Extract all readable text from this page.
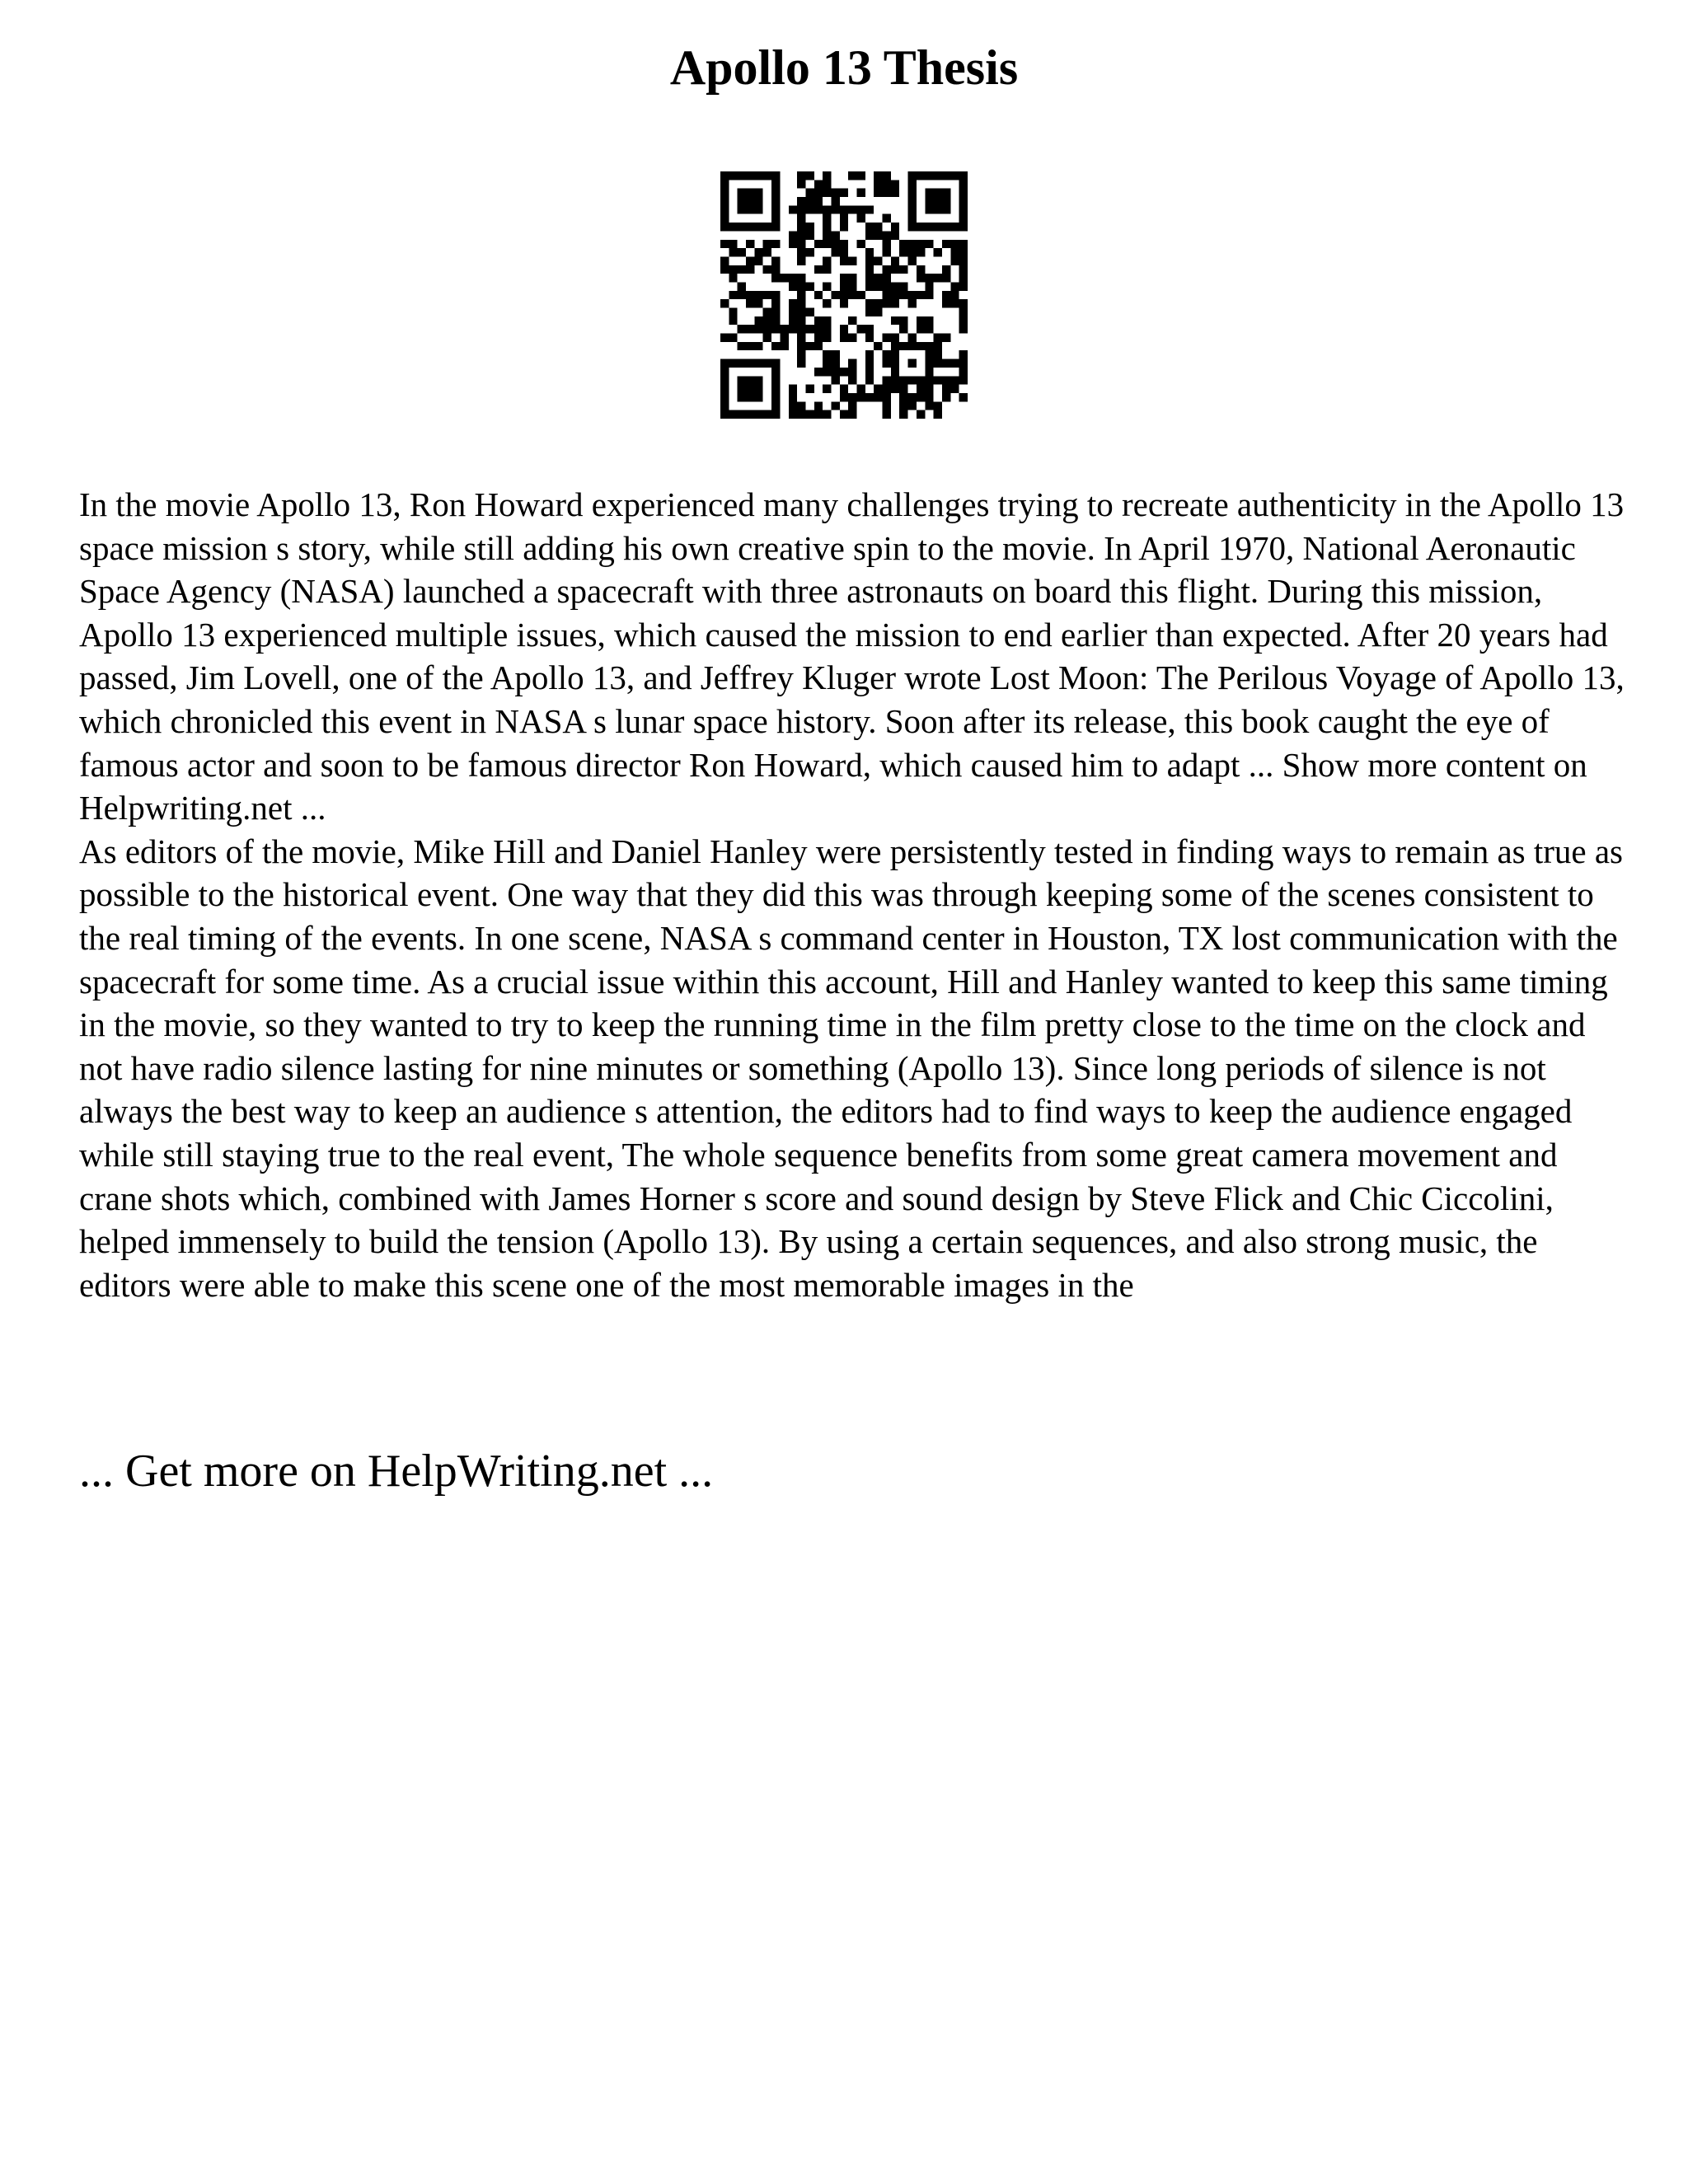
Apollo 13 Thesis

In the movie Apollo 13, Ron Howard experienced many challenges trying to recreate authenticity in the Apollo 13 space mission s story, while still adding his own creative spin to the movie. In April 1970, National Aeronautic Space Agency (NASA) launched a spacecraft with three astronauts on board this flight. During this mission, Apollo 13 experienced multiple issues, which caused the mission to end earlier than expected. After 20 years had passed, Jim Lovell, one of the Apollo 13, and Jeffrey Kluger wrote Lost Moon: The Perilous Voyage of Apollo 13, which chronicled this event in NASA s lunar space history. Soon after its release, this book caught the eye of famous actor and soon to be famous director Ron Howard, which caused him to adapt ... Show more content on Helpwriting.net ...

As editors of the movie, Mike Hill and Daniel Hanley were persistently tested in finding ways to remain as true as possible to the historical event. One way that they did this was through keeping some of the scenes consistent to the real timing of the events. In one scene, NASA s command center in Houston, TX lost communication with the spacecraft for some time. As a crucial issue within this account, Hill and Hanley wanted to keep this same timing in the movie, so they wanted to try to keep the running time in the film pretty close to the time on the clock and not have radio silence lasting for nine minutes or something (Apollo 13). Since long periods of silence is not always the best way to keep an audience s attention, the editors had to find ways to keep the audience engaged while still staying true to the real event, The whole sequence benefits from some great camera movement and crane shots which, combined with James Horner s score and sound design by Steve Flick and Chic Ciccolini, helped immensely to build the tension (Apollo 13). By using a certain sequences, and also strong music, the editors were able to make this scene one of the most memorable images in the

... Get more on HelpWriting.net ...
